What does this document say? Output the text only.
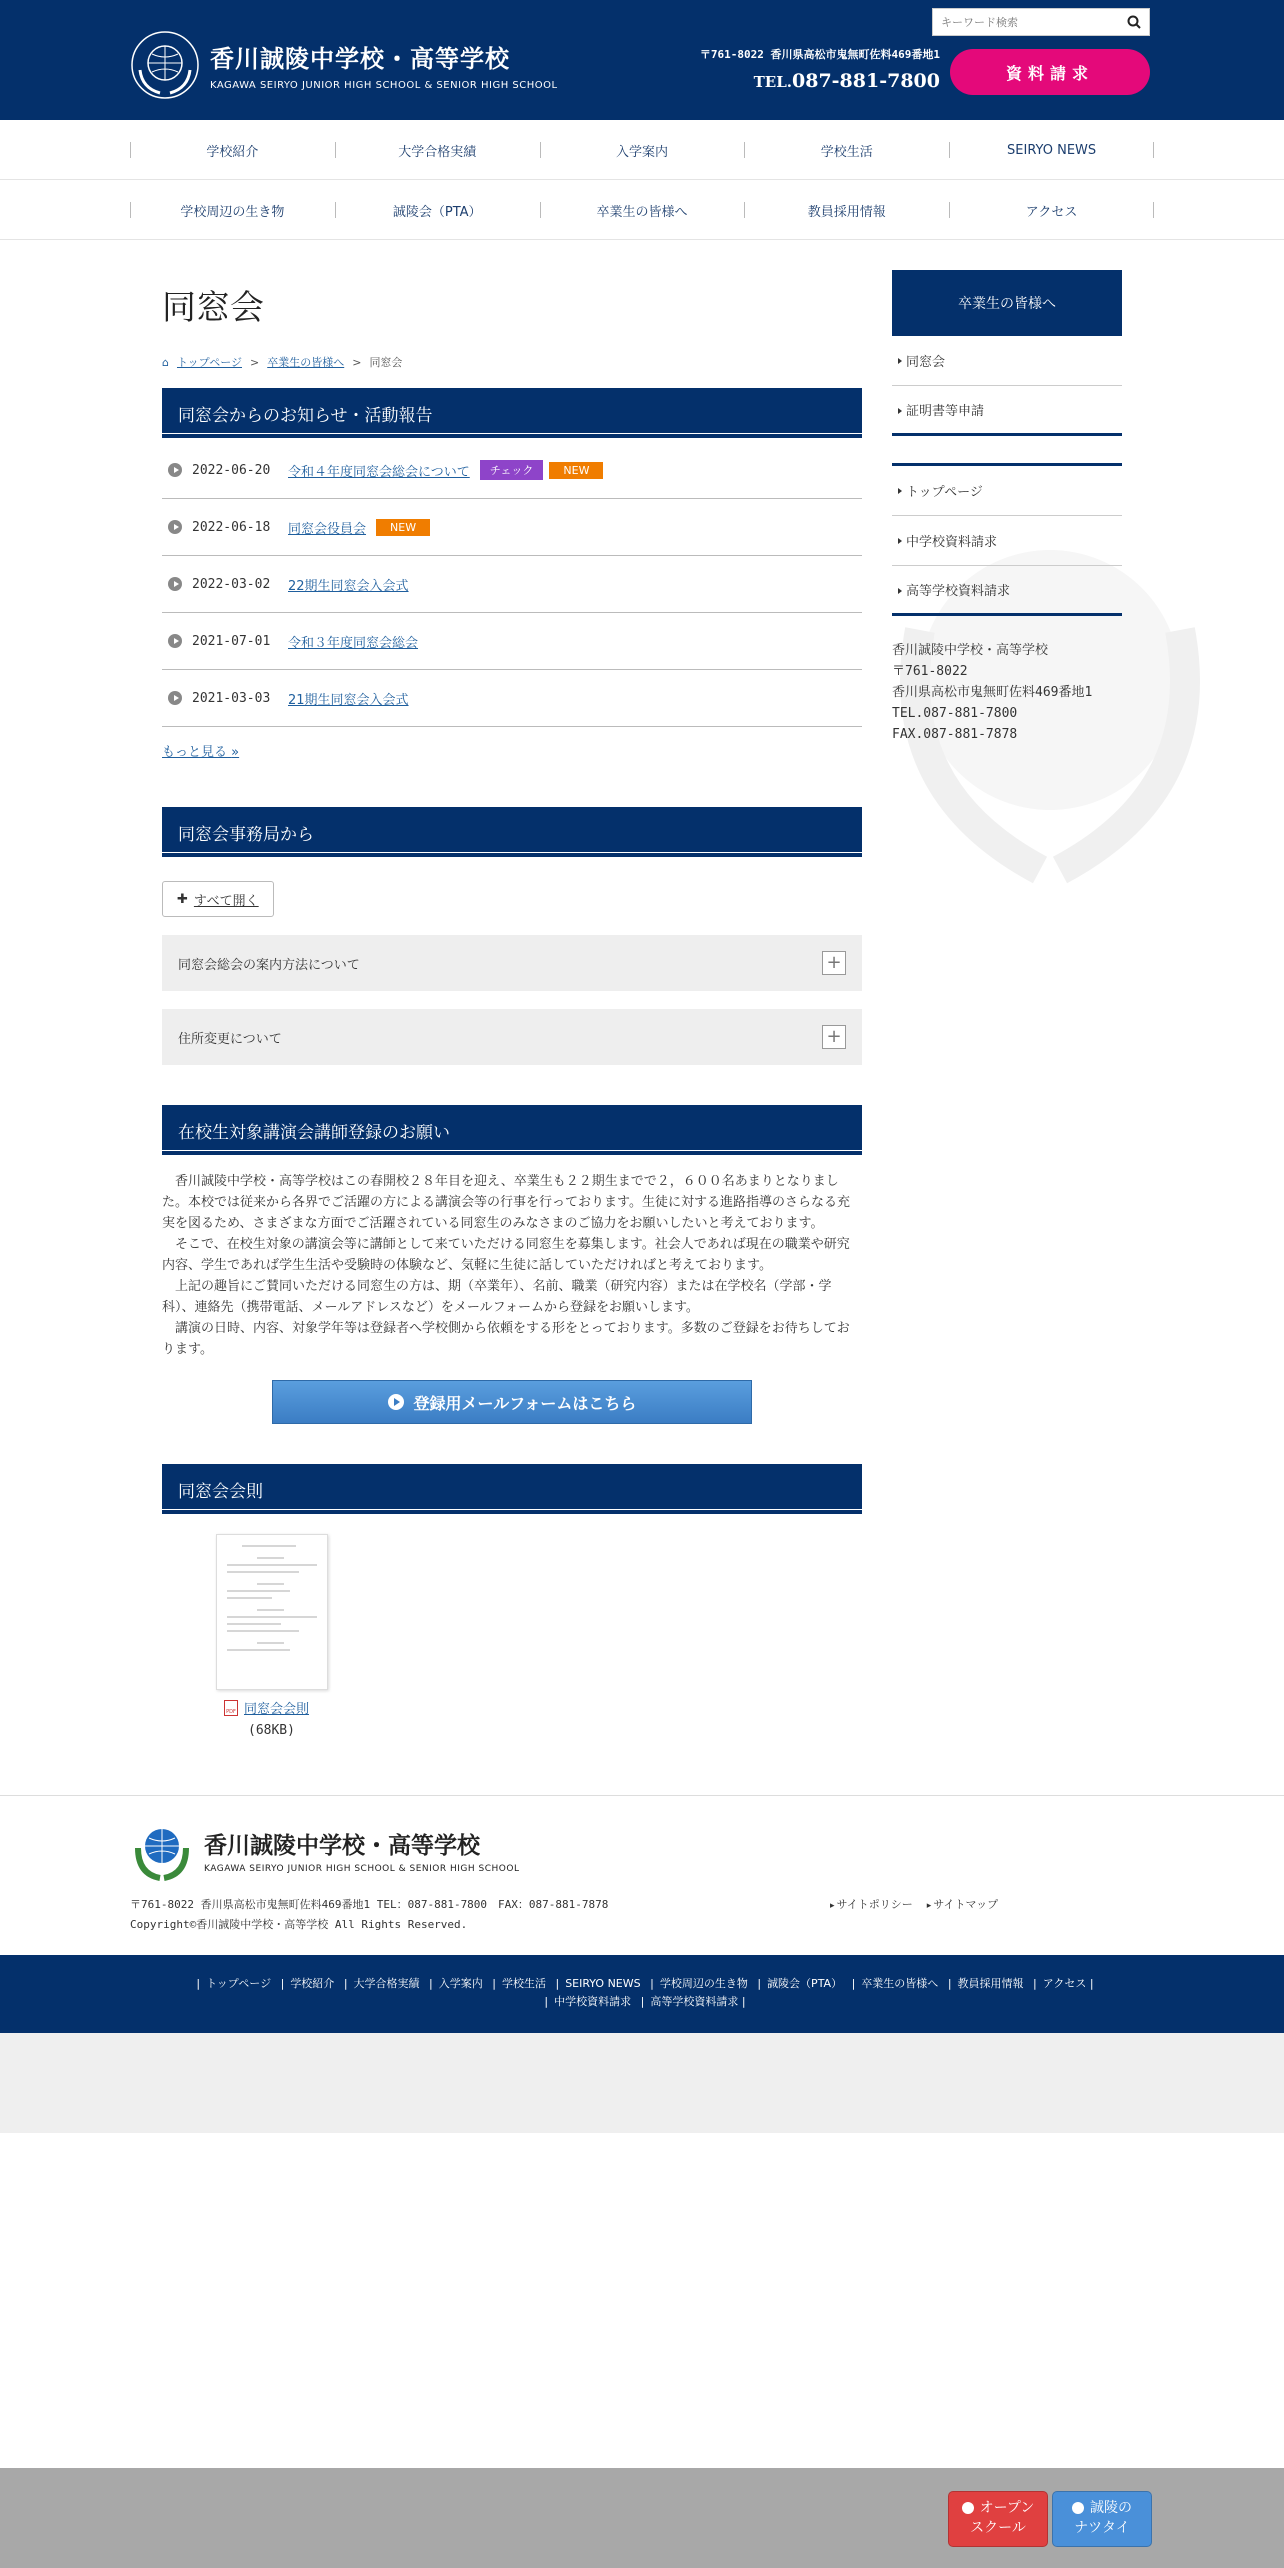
香川誠陵中学校・高等学校
KAGAWA SEIRYO JUNIOR HIGH SCHOOL & SENIOR HIGH SCHOOL
キーワード検索
〒761-8022 香川県高松市鬼無町佐料469番地1
TEL.087-881-7800	資料請求
学校紹介	大学合格実績	入学案内	学校生活	SEIRYO NEWS
学校周辺の生き物	誠陵会（PTA）	卒業生の皆様へ	教員採用情報	アクセス
同窓会
⌂ トップページ > 卒業生の皆様へ > 同窓会
同窓会からのお知らせ・活動報告
2022-06-20	令和４年度同窓会総会について	チェック	NEW
2022-06-18	同窓会役員会	NEW
2022-03-02	22期生同窓会入会式
2021-07-01	令和３年度同窓会総会
2021-03-03	21期生同窓会入会式
もっと見る »
同窓会事務局から
✚ すべて開く
同窓会総会の案内方法について	+
住所変更について	+
在校生対象講演会講師登録のお願い

香川誠陵中学校・高等学校はこの春開校２８年目を迎え、卒業生も２２期生までで２，６００名あまりとなりました。本校では従来から各界でご活躍の方による講演会等の行事を行っております。生徒に対する進路指導のさらなる充実を図るため、さまざまな方面でご活躍されている同窓生のみなさまのご協力をお願いしたいと考えております。

そこで、在校生対象の講演会等に講師として来ていただける同窓生を募集します。社会人であれば現在の職業や研究内容、学生であれば学生生活や受験時の体験など、気軽に生徒に話していただければと考えております。

上記の趣旨にご賛同いただける同窓生の方は、期（卒業年）、名前、職業（研究内容）または在学校名（学部・学科）、連絡先（携帯電話、メールアドレスなど）をメールフォームから登録をお願いします。

講演の日時、内容、対象学年等は登録者へ学校側から依頼をする形をとっております。多数のご登録をお待ちしております。

登録用メールフォームはこちら
同窓会会則
PDF 同窓会会則
(68KB)
卒業生の皆様へ
同窓会
証明書等申請
トップページ
中学校資料請求
高等学校資料請求
香川誠陵中学校・高等学校
〒761-8022
香川県高松市鬼無町佐料469番地1
TEL.087-881-7800
FAX.087-881-7878
香川誠陵中学校・高等学校
KAGAWA SEIRYO JUNIOR HIGH SCHOOL & SENIOR HIGH SCHOOL
〒761-8022 香川県高松市鬼無町佐料469番地1 TEL：087-881-7800　FAX：087-881-7878
Copyright©香川誠陵中学校・高等学校 All Rights Reserved.
▸ サイトポリシー	▸ サイトマップ
| トップページ | 学校紹介 | 大学合格実績 | 入学案内 | 学校生活 | SEIRYO NEWS | 学校周辺の生き物 | 誠陵会（PTA） | 卒業生の皆様へ | 教員採用情報 | アクセス |
| 中学校資料請求 | 高等学校資料請求 |
オープン
スクール
誠陵の
ナツタイ
